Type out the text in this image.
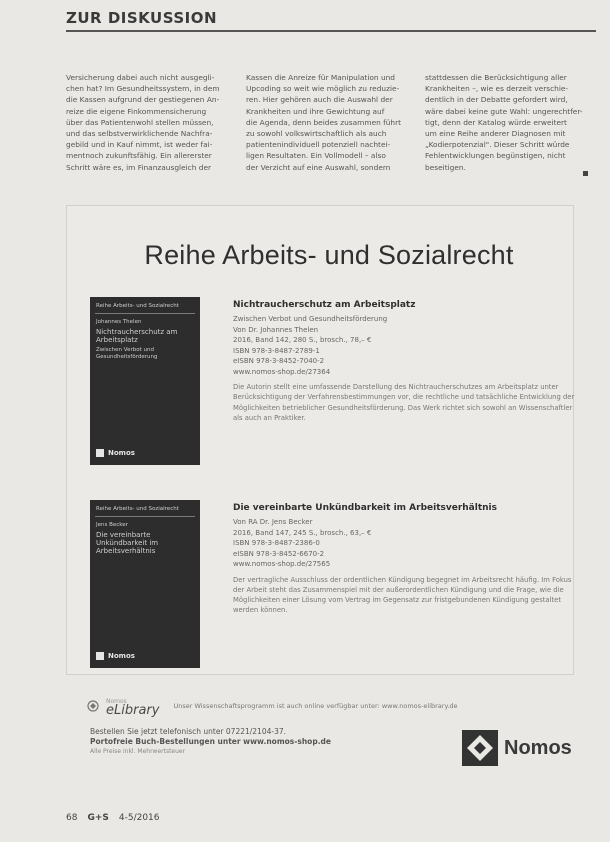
ZUR DISKUSSION
Versicherung dabei auch nicht ausgegli-
chen hat? Im Gesundheitssystem, in dem
die Kassen aufgrund der gestiegenen An-
reize die eigene Finkommensicherung
über das Patientenwohl stellen müssen,
und das selbstverwirklichende Nachfra-
gebild und in Kauf nimmt, ist weder fai-
mentnoch zukunftsfähig. Ein allererster
Schritt wäre es, im Finanzausgleich der
Kassen die Anreize für Manipulation und
Upcoding so weit wie möglich zu reduzie-
ren. Hier gehören auch die Auswahl der
Krankheiten und ihre Gewichtung auf
die Agenda, denn beides zusammen führt
zu sowohl volkswirtschaftlich als auch
patientenindividuell potenziell nachtei-
ligen Resultaten. Ein Vollmodell – also
der Verzicht auf eine Auswahl, sondern
stattdessen die Berücksichtigung aller
Krankheiten –, wie es derzeit verschie-
dentlich in der Debatte gefordert wird,
wäre dabei keine gute Wahl: ungerechtfer-
tigt, denn der Katalog würde erweitert
um eine Reihe anderer Diagnosen mit
„Kodierpotenzial". Dieser Schritt würde
Fehlentwicklungen begünstigen, nicht
beseitigen.
Reihe Arbeits- und Sozialrecht
Reihe Arbeits- und Sozialrecht
Johannes Thelen
Nichtraucherschutz am Arbeitsplatz
Zwischen Verbot und Gesundheitsförderung
Nomos
Nichtraucherschutz am Arbeitsplatz
Zwischen Verbot und Gesundheitsförderung
Von Dr. Johannes Thelen
2016, Band 142, 280 S., brosch., 78,– €
ISBN 978-3-8487-2789-1
eISBN 978-3-8452-7040-2
www.nomos-shop.de/27364
Die Autorin stellt eine umfassende Darstellung des Nichtraucherschutzes am Arbeitsplatz unter Berücksichtigung der Verfahrensbestimmungen vor, die rechtliche und tatsächliche Entwicklung der Möglichkeiten betrieblicher Gesundheitsförderung. Das Werk richtet sich sowohl an Wissenschaftler als auch an Praktiker.
Reihe Arbeits- und Sozialrecht
Jens Becker
Die vereinbarte Unkündbarkeit im Arbeitsverhältnis
Nomos
Die vereinbarte Unkündbarkeit im Arbeitsverhältnis
Von RA Dr. Jens Becker
2016, Band 147, 245 S., brosch., 63,– €
ISBN 978-3-8487-2386-0
eISBN 978-3-8452-6670-2
www.nomos-shop.de/27565
Der vertragliche Ausschluss der ordentlichen Kündigung begegnet im Arbeitsrecht häufig. Im Fokus der Arbeit steht das Zusammenspiel mit der außerordentlichen Kündigung und die Frage, wie die Möglichkeiten einer Lösung vom Vertrag im Gegensatz zur fristgebundenen Kündigung gestaltet werden können.
Nomos
eLibrary Unser Wissenschaftsprogramm ist auch online verfügbar unter: www.nomos-elibrary.de
Bestellen Sie jetzt telefonisch unter 07221/2104-37.
Portofreie Buch-Bestellungen unter www.nomos-shop.de
Alle Preise inkl. Mehrwertsteuer	Nomos
68 G+S 4-5/2016
